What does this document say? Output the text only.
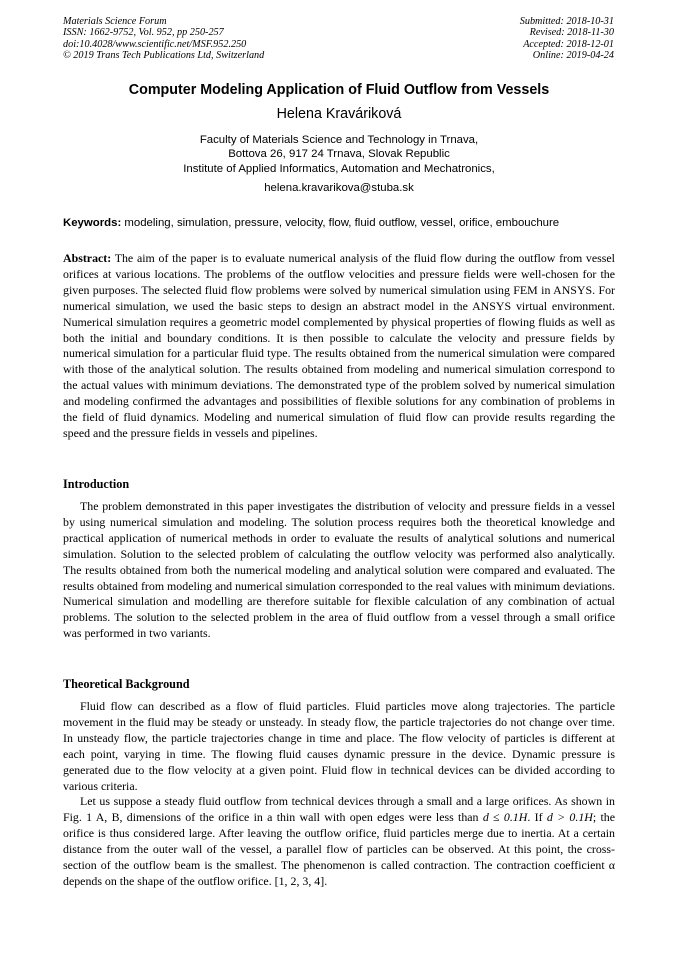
Materials Science Forum
ISSN: 1662-9752, Vol. 952, pp 250-257
doi:10.4028/www.scientific.net/MSF.952.250
© 2019 Trans Tech Publications Ltd, Switzerland
Submitted: 2018-10-31
Revised: 2018-11-30
Accepted: 2018-12-01
Online: 2019-04-24
Computer Modeling Application of Fluid Outflow from Vessels
Helena Kraváriková
Faculty of Materials Science and Technology in Trnava,
Bottova 26, 917 24 Trnava, Slovak Republic
Institute of Applied Informatics, Automation and Mechatronics,
helena.kravarikova@stuba.sk
Keywords: modeling, simulation, pressure, velocity, flow, fluid outflow, vessel, orifice, embouchure

Abstract: The aim of the paper is to evaluate numerical analysis of the fluid flow during the outflow from vessel orifices at various locations. The problems of the outflow velocities and pressure fields were well-chosen for the given purposes. The selected fluid flow problems were solved by numerical simulation using FEM in ANSYS. For numerical simulation, we used the basic steps to design an abstract model in the ANSYS virtual environment. Numerical simulation requires a geometric model complemented by physical properties of flowing fluids as well as both the initial and boundary conditions. It is then possible to calculate the velocity and pressure fields by numerical simulation for a particular fluid type. The results obtained from the numerical simulation were compared with those of the analytical solution. The results obtained from modeling and numerical simulation correspond to the actual values with minimum deviations. The demonstrated type of the problem solved by numerical simulation and modeling confirmed the advantages and possibilities of flexible solutions for any combination of problems in the field of fluid dynamics. Modeling and numerical simulation of fluid flow can provide results regarding the speed and the pressure fields in vessels and pipelines.

Introduction

The problem demonstrated in this paper investigates the distribution of velocity and pressure fields in a vessel by using numerical simulation and modeling. The solution process requires both the theoretical knowledge and practical application of numerical methods in order to evaluate the results of analytical solutions and numerical simulation. Solution to the selected problem of calculating the outflow velocity was performed also analytically. The results obtained from both the numerical modeling and analytical solution were compared and evaluated. The results obtained from modeling and numerical simulation corresponded to the real values with minimum deviations. Numerical simulation and modelling are therefore suitable for flexible calculation of any combination of actual problems. The solution to the selected problem in the area of fluid outflow from a vessel through a small orifice was performed in two variants.

Theoretical Background

Fluid flow can described as a flow of fluid particles. Fluid particles move along trajectories. The particle movement in the fluid may be steady or unsteady. In steady flow, the particle trajectories do not change over time. In unsteady flow, the particle trajectories change in time and place. The flow velocity of particles is different at each point, varying in time. The flowing fluid causes dynamic pressure in the device. Dynamic pressure is generated due to the flow velocity at a given point. Fluid flow in technical devices can be divided according to various criteria.

Let us suppose a steady fluid outflow from technical devices through a small and a large orifices. As shown in Fig. 1 A, B, dimensions of the orifice in a thin wall with open edges were less than d ≤ 0.1H. If d > 0.1H; the orifice is thus considered large. After leaving the outflow orifice, fluid particles merge due to inertia. At a certain distance from the outer wall of the vessel, a parallel flow of particles can be observed. At this point, the cross-section of the outflow beam is the smallest. The phenomenon is called contraction. The contraction coefficient α depends on the shape of the outflow orifice. [1, 2, 3, 4].
